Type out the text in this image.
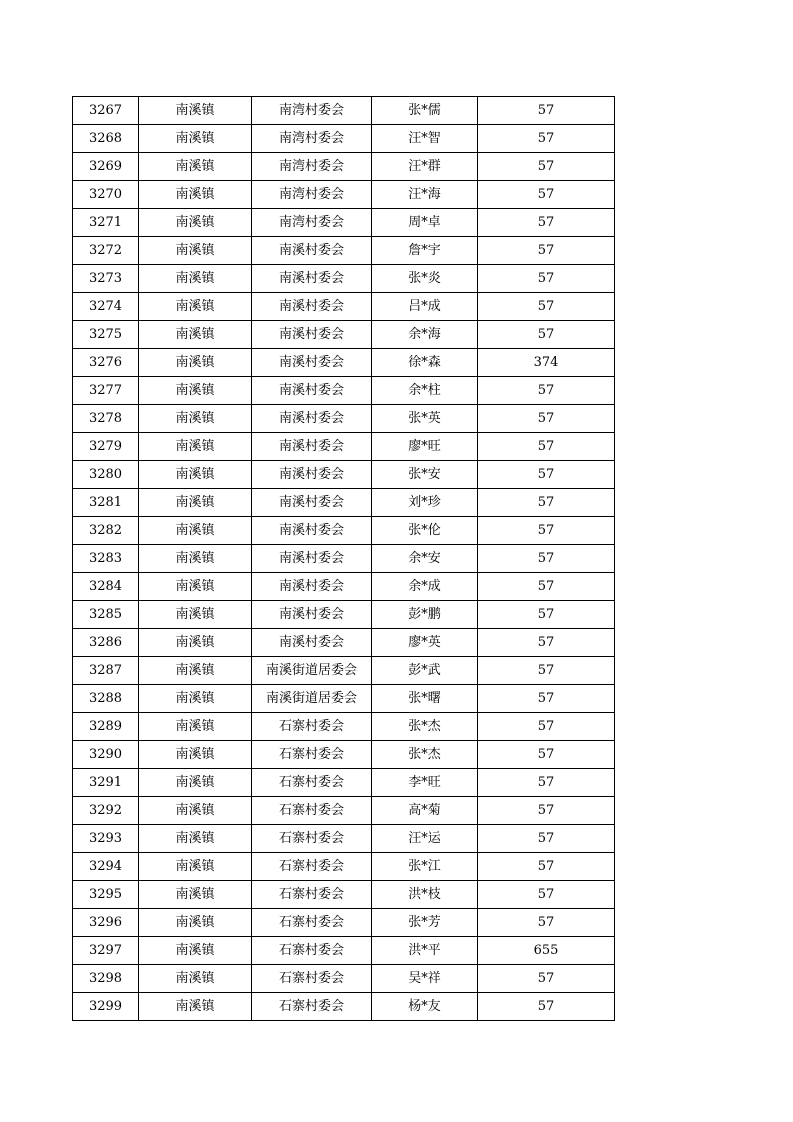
3267	南溪镇	南湾村委会	张*儒	57
3268	南溪镇	南湾村委会	汪*智	57
3269	南溪镇	南湾村委会	汪*群	57
3270	南溪镇	南湾村委会	汪*海	57
3271	南溪镇	南湾村委会	周*卓	57
3272	南溪镇	南溪村委会	詹*宇	57
3273	南溪镇	南溪村委会	张*炎	57
3274	南溪镇	南溪村委会	吕*成	57
3275	南溪镇	南溪村委会	余*海	57
3276	南溪镇	南溪村委会	徐*森	374
3277	南溪镇	南溪村委会	余*柱	57
3278	南溪镇	南溪村委会	张*英	57
3279	南溪镇	南溪村委会	廖*旺	57
3280	南溪镇	南溪村委会	张*安	57
3281	南溪镇	南溪村委会	刘*珍	57
3282	南溪镇	南溪村委会	张*伦	57
3283	南溪镇	南溪村委会	余*安	57
3284	南溪镇	南溪村委会	余*成	57
3285	南溪镇	南溪村委会	彭*鹏	57
3286	南溪镇	南溪村委会	廖*英	57
3287	南溪镇	南溪街道居委会	彭*武	57
3288	南溪镇	南溪街道居委会	张*曙	57
3289	南溪镇	石寨村委会	张*杰	57
3290	南溪镇	石寨村委会	张*杰	57
3291	南溪镇	石寨村委会	李*旺	57
3292	南溪镇	石寨村委会	高*菊	57
3293	南溪镇	石寨村委会	汪*运	57
3294	南溪镇	石寨村委会	张*江	57
3295	南溪镇	石寨村委会	洪*枝	57
3296	南溪镇	石寨村委会	张*芳	57
3297	南溪镇	石寨村委会	洪*平	655
3298	南溪镇	石寨村委会	吴*祥	57
3299	南溪镇	石寨村委会	杨*友	57
